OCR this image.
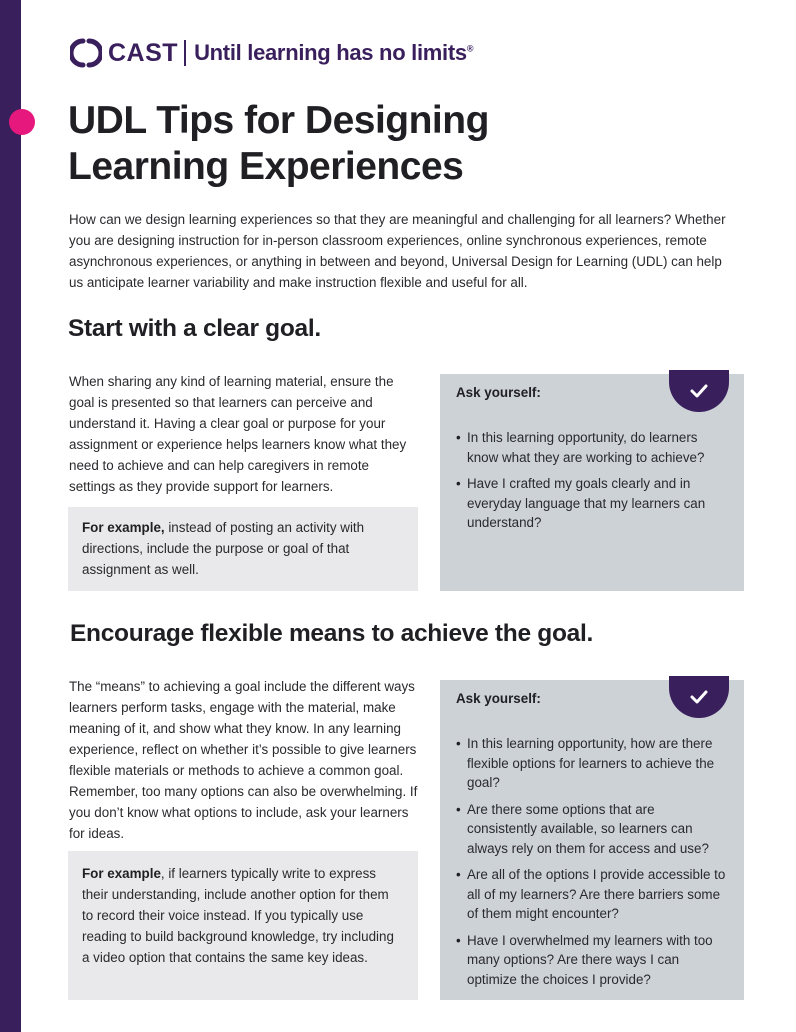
CAST Until learning has no limits®
UDL Tips for Designing
Learning Experiences

How can we design learning experiences so that they are meaningful and challenging for all learners? Whether you are designing instruction for in-person classroom experiences, online synchronous experiences, remote asynchronous experiences, or anything in between and beyond, Universal Design for Learning (UDL) can help us anticipate learner variability and make instruction flexible and useful for all.

Start with a clear goal.

When sharing any kind of learning material, ensure the goal is presented so that learners can perceive and understand it. Having a clear goal or purpose for your assignment or experience helps learners know what they need to achieve and can help caregivers in remote settings as they provide support for learners.

For example, instead of posting an activity with directions, include the purpose or goal of that assignment as well.
Ask yourself:
• In this learning opportunity, do learners know what they are working to achieve?
• Have I crafted my goals clearly and in everyday language that my learners can understand?
Encourage flexible means to achieve the goal.

The “means” to achieving a goal include the different ways learners perform tasks, engage with the material, make meaning of it, and show what they know. In any learning experience, reflect on whether it’s possible to give learners flexible materials or methods to achieve a common goal. Remember, too many options can also be overwhelming. If you don’t know what options to include, ask your learners for ideas.

For example, if learners typically write to express their understanding, include another option for them to record their voice instead. If you typically use reading to build background knowledge, try including a video option that contains the same key ideas.
Ask yourself:
• In this learning opportunity, how are there flexible options for learners to achieve the goal?
• Are there some options that are consistently available, so learners can always rely on them for access and use?
• Are all of the options I provide accessible to all of my learners? Are there barriers some of them might encounter?
• Have I overwhelmed my learners with too many options? Are there ways I can optimize the choices I provide?
